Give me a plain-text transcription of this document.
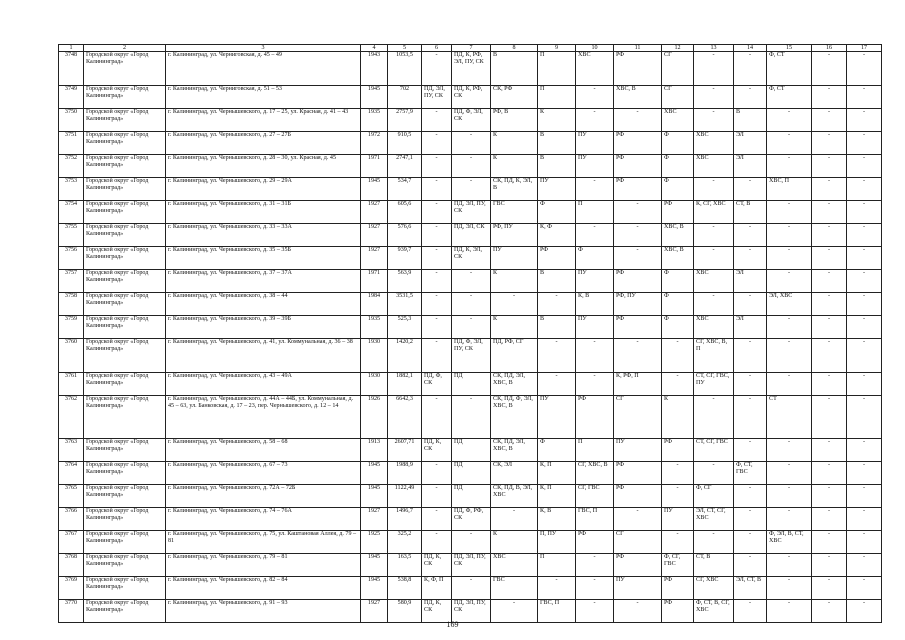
1	2	3	4	5	6	7	8	9	10	11	12	13	14	15	16	17
3748	Городской округ «Город Калининград»	г. Калининград, ул. Черниговская, д. 45 – 49	1943	1053,5	-	ПД, К, РФ, ЭЛ, ПУ, СК	В	П	ХВС	РФ	СГ	-	-	Ф, СТ	-	-
3749	Городской округ «Город Калининград»	г. Калининград, ул. Черниговская, д. 51 – 53	1945	702	ПД, ЭЛ, ПУ, СК	ПД, К, РФ, СК	СК, РФ	П	-	ХВС, В	СГ	-	-	Ф, СТ	-	-
3750	Городской округ «Город Калининград»	г. Калининград, ул. Чернышевского, д. 17 – 25, ул. Красная, д. 41 – 43	1935	2757,9	-	ПД, Ф, ЭЛ, СК	РФ, В	К	-	-	ХВС	-	В	-	-	-
3751	Городской округ «Город Калининград»	г. Калининград, ул. Чернышевского, д. 27 – 27Б	1972	910,5	-	-	К	В	ПУ	РФ	Ф	ХВС	ЭЛ	-	-	-
3752	Городской округ «Город Калининград»	г. Калининград, ул. Чернышевского, д. 28 – 30, ул. Красная, д. 45	1971	2747,1	-	-	К	В	ПУ	РФ	Ф	ХВС	ЭЛ	-	-	-
3753	Городской округ «Город Калининград»	г. Калининград, ул. Чернышевского, д. 29 – 29А	1945	534,7	-	-	СК, ПД, К, ЭЛ, В	ПУ	-	РФ	Ф	-	-	ХВС, П	-	-
3754	Городской округ «Город Калининград»	г. Калининград, ул. Чернышевского, д. 31 – 31Б	1927	605,6	-	ПД, ЭЛ, ПУ, СК	ГВС	Ф	П	-	РФ	К, СГ, ХВС	СТ, В	-	-	-
3755	Городской округ «Город Калининград»	г. Калининград, ул. Чернышевского, д. 33 – 33А	1927	576,6	-	ПД, ЭЛ, СК	РФ, ПУ	К, Ф	-	-	ХВС, В	-	-	-	-	-
3756	Городской округ «Город Калининград»	г. Калининград, ул. Чернышевского, д. 35 – 35Б	1927	939,7	-	ПД, К, ЭЛ, СК	ПУ	РФ	Ф	-	ХВС, В	-	-	-	-	-
3757	Городской округ «Город Калининград»	г. Калининград, ул. Чернышевского, д. 37 – 37А	1971	563,9	-	-	К	В	ПУ	РФ	Ф	ХВС	ЭЛ	-	-	-
3758	Городской округ «Город Калининград»	г. Калининград, ул. Чернышевского, д. 38 – 44	1984	3531,5	-	-	-	-	К, В	РФ, ПУ	Ф	-	-	ЭЛ, ХВС	-	-
3759	Городской округ «Город Калининград»	г. Калининград, ул. Чернышевского, д. 39 – 39Б	1935	525,3	-	-	К	В	ПУ	РФ	Ф	ХВС	ЭЛ	-	-	-
3760	Городской округ «Город Калининград»	г. Калининград, ул. Чернышевского, д. 41, ул. Коммунальная, д. 36 – 38	1930	1420,2	-	ПД, Ф, ЭЛ, ПУ, СК	ПД, РФ, СГ	-	-	-	-	СГ, ХВС, В, П	-	-	-	-
3761	Городской округ «Город Калининград»	г. Калининград, ул. Чернышевского, д. 43 – 49А	1930	1882,1	ПД, Ф, СК	ПД	СК, ПД, ЭЛ, ХВС, В	-	-	К, РФ, П	-	СТ, СГ, ГВС, ПУ	-	-	-	-
3762	Городской округ «Город Калининград»	г. Калининград, ул. Чернышевского, д. 44А – 44Б, ул. Коммунальная, д. 45 – 63, ул. Банковская, д. 17 – 23, пер. Чернышевского, д. 12 – 14	1926	6642,3	-	-	СК, ПД, Ф, ЭЛ, ХВС, В	ПУ	РФ	СГ	К	-	-	СТ	-	-
3763	Городской округ «Город Калининград»	г. Калининград, ул. Чернышевского, д. 58 – 68	1913	2607,71	ПД, К, СК	ПД	СК, ПД, ЭЛ, ХВС, В	Ф	П	ПУ	РФ	СТ, СГ, ГВС	-	-	-	-
3764	Городской округ «Город Калининград»	г. Калининград, ул. Чернышевского, д. 67 – 73	1945	1988,9	-	ПД	СК, ЭЛ	К, П	СГ, ХВС, В	РФ	-	-	Ф, СТ, ГВС	-	-	-
3765	Городской округ «Город Калининград»	г. Калининград, ул. Чернышевского, д. 72А – 72Б	1945	1122,49	-	ПД	СК, ПД, В, ЭЛ, ХВС	К, П	СГ, ГВС	РФ	-	Ф, СГ	-	-	-	-
3766	Городской округ «Город Калининград»	г. Калининград, ул. Чернышевского, д. 74 – 76А	1927	1496,7	-	ПД, Ф, РФ, СК	-	К, В	ГВС, П	-	ПУ	ЭЛ, СТ, СГ, ХВС	-	-	-	-
3767	Городской округ «Город Калининград»	г. Калининград, ул. Чернышевского, д. 75, ул. Каштановая Аллея, д. 79 – 81	1925	325,2	-	-	К	П, ПУ	РФ	СГ	-	-	-	Ф, ЭЛ, В, СТ, ХВС	-	-
3768	Городской округ «Город Калининград»	г. Калининград, ул. Чернышевского, д. 79 – 81	1945	163,5	ПД, К, СК	ПД, ЭЛ, ПУ, СК	ХВС	П	-	РФ	Ф, СГ, ГВС	СТ, В	-	-	-	-
3769	Городской округ «Город Калининград»	г. Калининград, ул. Чернышевского, д. 82 – 84	1945	538,8	К, Ф, П	-	ГВС	-	-	ПУ	РФ	СГ, ХВС	ЭЛ, СТ, В	-	-	-
3770	Городской округ «Город Калининград»	г. Калининград, ул. Чернышевского, д. 91 – 93	1927	580,9	ПД, К, СК	ПД, ЭЛ, ПУ, СК	-	ГВС, П	-	-	РФ	Ф, СТ, В, СГ, ХВС	-	-	-	-
169
